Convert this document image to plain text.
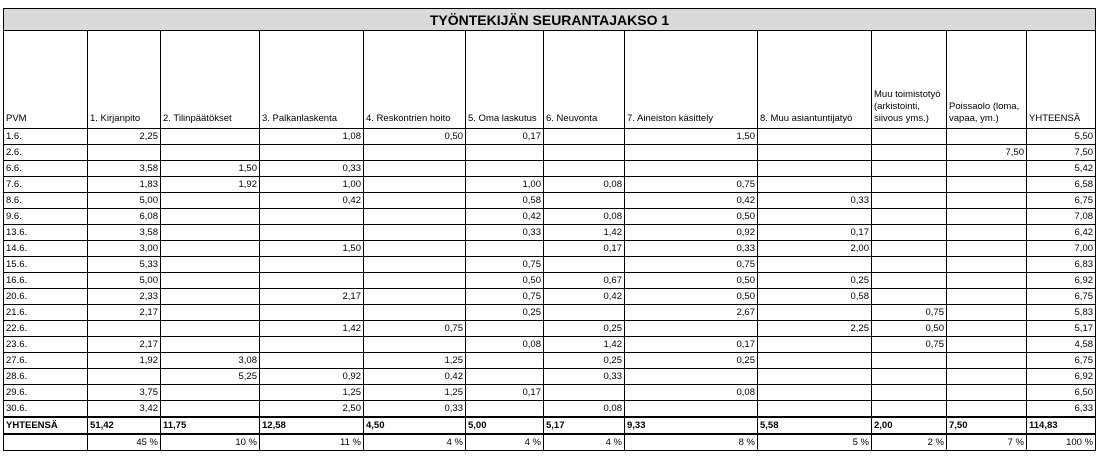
TYÖNTEKIJÄN SEURANTAJAKSO 1											
PVM	1. Kirjanpito	2. Tilinpäätökset	3. Palkanlaskenta	4. Reskontrien hoito	5. Oma laskutus	6. Neuvonta	7. Aineiston käsittely	8. Muu asiantuntijatyö	Muu toimistotyö (arkistointi, siivous yms.)	Poissaolo (loma, vapaa, ym.)	YHTEENSÄ
1.6.	2,25		1,08	0,50	0,17		1,50				5,50
2.6.										7,50	7,50
6.6.	3,58	1,50	0,33								5,42
7.6.	1,83	1,92	1,00		1,00	0,08	0,75				6,58
8.6.	5,00		0,42		0,58		0,42	0,33			6,75
9.6.	6,08				0,42	0,08	0,50				7,08
13.6.	3,58				0,33	1,42	0,92	0,17			6,42
14.6.	3,00		1,50			0,17	0,33	2,00			7,00
15.6.	5,33				0,75		0,75				6,83
16.6.	5,00				0,50	0,67	0,50	0,25			6,92
20.6.	2,33		2,17		0,75	0,42	0,50	0,58			6,75
21.6.	2,17				0,25		2,67		0,75		5,83
22.6.			1,42	0,75		0,25		2,25	0,50		5,17
23.6.	2,17				0,08	1,42	0,17		0,75		4,58
27.6.	1,92	3,08		1,25		0,25	0,25				6,75
28.6.		5,25	0,92	0,42		0,33					6,92
29.6.	3,75		1,25	1,25	0,17		0,08				6,50
30.6.	3,42		2,50	0,33		0,08					6,33
YHTEENSÄ	51,42	11,75	12,58	4,50	5,00	5,17	9,33	5,58	2,00	7,50	114,83
	45 %	10 %	11 %	4 %	4 %	4 %	8 %	5 %	2 %	7 %	100 %
